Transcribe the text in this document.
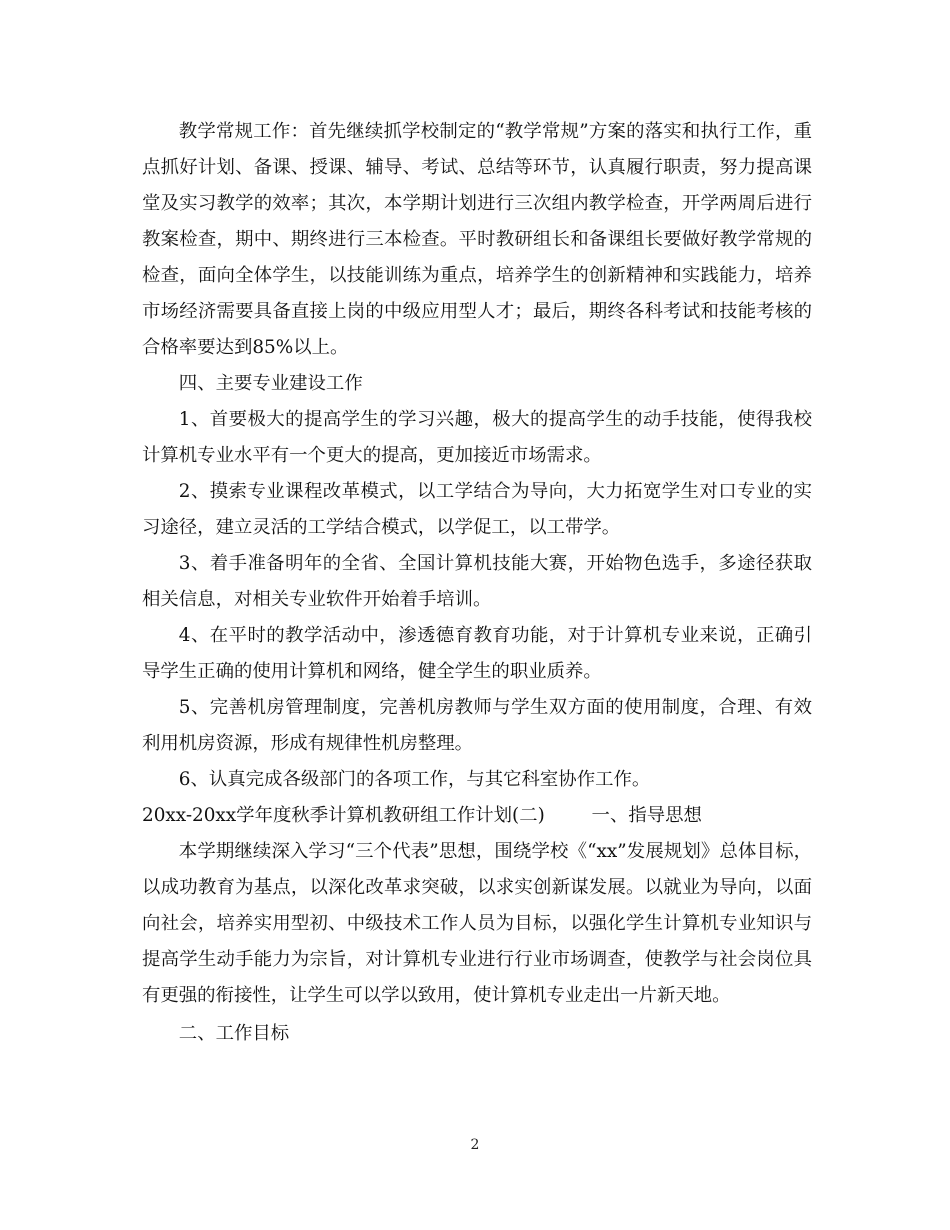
教学常规工作：首先继续抓学校制定的“教学常规”方案的落实和执行工作，重点抓好计划、备课、授课、辅导、考试、总结等环节，认真履行职责，努力提高课堂及实习教学的效率；其次，本学期计划进行三次组内教学检查，开学两周后进行教案检查，期中、期终进行三本检查。平时教研组长和备课组长要做好教学常规的检查，面向全体学生，以技能训练为重点，培养学生的创新精神和实践能力，培养市场经济需要具备直接上岗的中级应用型人才；最后，期终各科考试和技能考核的合格率要达到85%以上。

四、主要专业建设工作

1、首要极大的提高学生的学习兴趣，极大的提高学生的动手技能，使得我校计算机专业水平有一个更大的提高，更加接近市场需求。

2、摸索专业课程改革模式，以工学结合为导向，大力拓宽学生对口专业的实习途径，建立灵活的工学结合模式，以学促工，以工带学。

3、着手准备明年的全省、全国计算机技能大赛，开始物色选手，多途径获取相关信息，对相关专业软件开始着手培训。

4、在平时的教学活动中，渗透德育教育功能，对于计算机专业来说，正确引导学生正确的使用计算机和网络，健全学生的职业质养。

5、完善机房管理制度，完善机房教师与学生双方面的使用制度，合理、有效利用机房资源，形成有规律性机房整理。

6、认真完成各级部门的各项工作，与其它科室协作工作。

20xx-20xx学年度秋季计算机教研组工作计划(二)        一、指导思想

本学期继续深入学习“三个代表”思想，围绕学校《“xx”发展规划》总体目标，以成功教育为基点，以深化改革求突破，以求实创新谋发展。以就业为导向，以面向社会，培养实用型初、中级技术工作人员为目标，以强化学生计算机专业知识与提高学生动手能力为宗旨，对计算机专业进行行业市场调查，使教学与社会岗位具有更强的衔接性，让学生可以学以致用，使计算机专业走出一片新天地。

二、工作目标

2
